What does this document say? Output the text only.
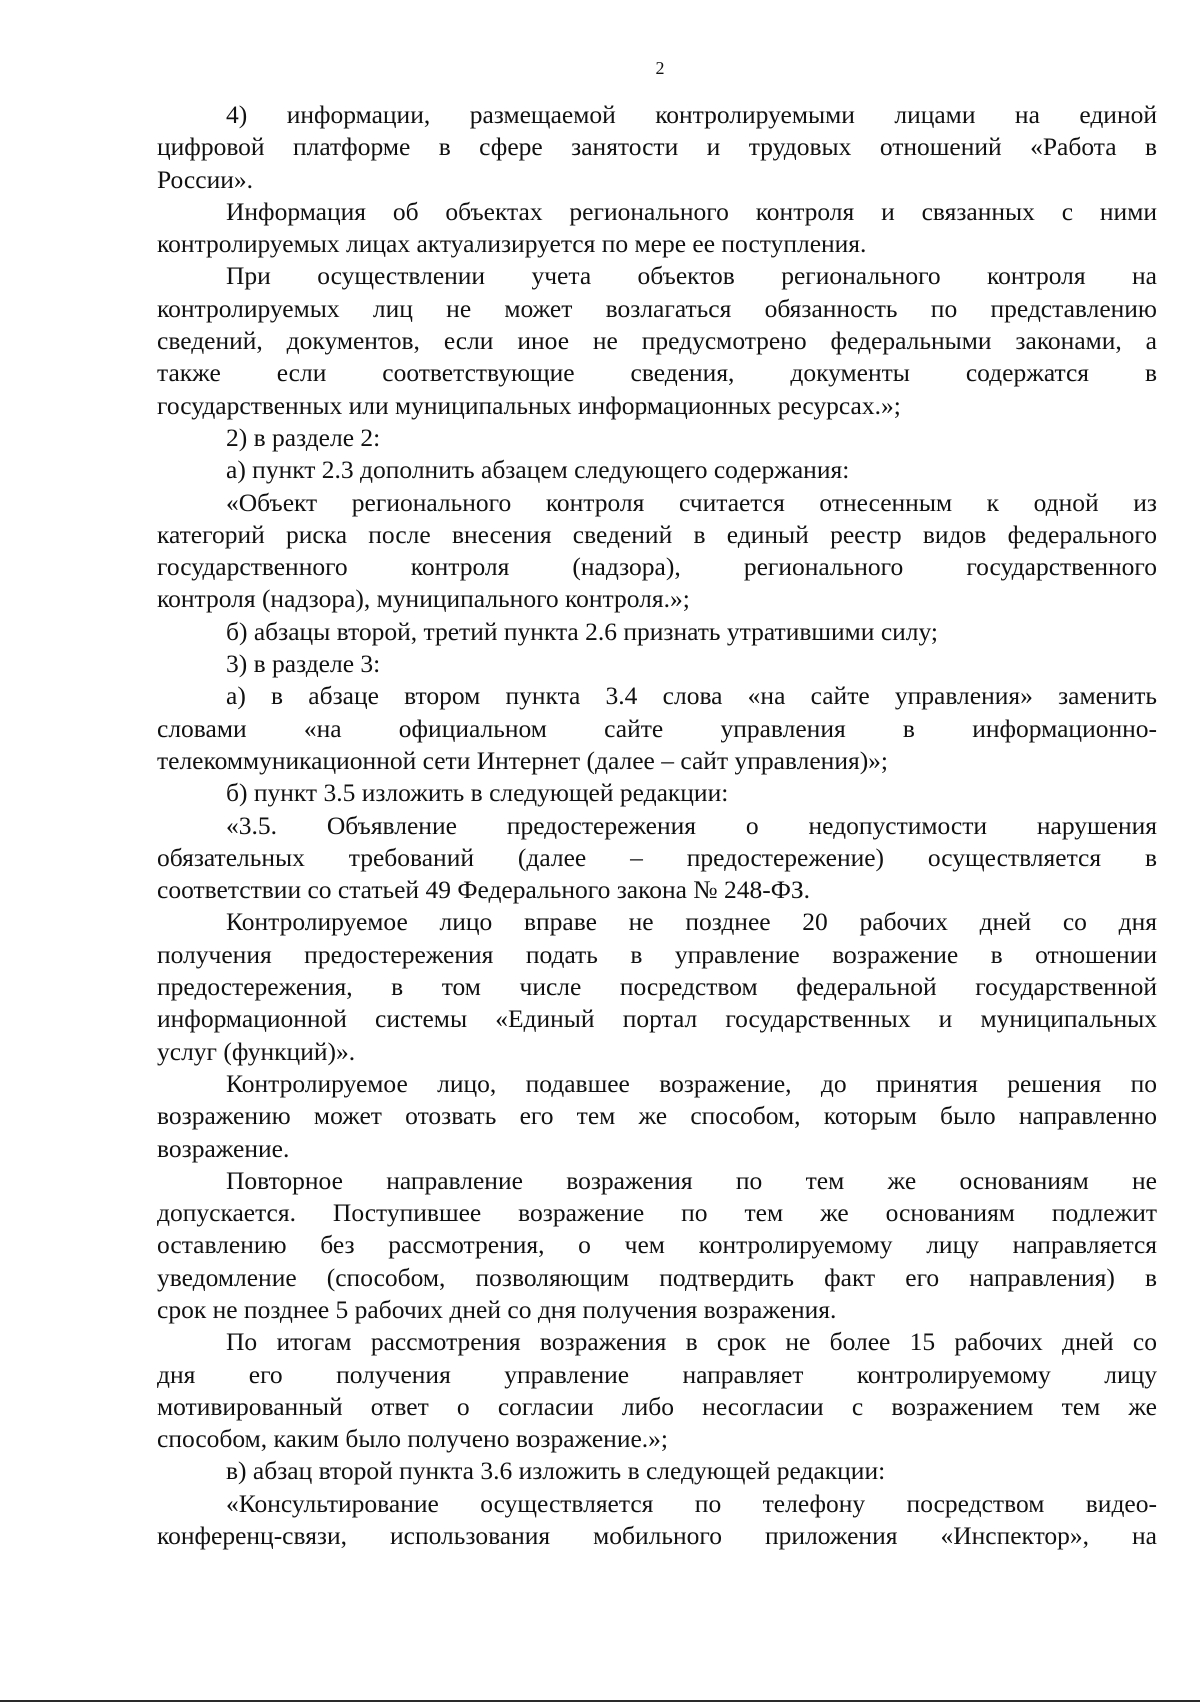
2
4) информации, размещаемой контролируемыми лицами на единой
цифровой платформе в сфере занятости и трудовых отношений «Работа в
России».
Информация об объектах регионального контроля и связанных с ними
контролируемых лицах актуализируется по мере ее поступления.
При осуществлении учета объектов регионального контроля на
контролируемых лиц не может возлагаться обязанность по представлению
сведений, документов, если иное не предусмотрено федеральными законами, а
также если соответствующие сведения, документы содержатся в
государственных или муниципальных информационных ресурсах.»;
2) в разделе 2:
а) пункт 2.3 дополнить абзацем следующего содержания:
«Объект регионального контроля считается отнесенным к одной из
категорий риска после внесения сведений в единый реестр видов федерального
государственного контроля (надзора), регионального государственного
контроля (надзора), муниципального контроля.»;
б) абзацы второй, третий пункта 2.6 признать утратившими силу;
3) в разделе 3:
а) в абзаце втором пункта 3.4 слова «на сайте управления» заменить
словами «на официальном сайте управления в информационно-
телекоммуникационной сети Интернет (далее – сайт управления)»;
б) пункт 3.5 изложить в следующей редакции:
«3.5. Объявление предостережения о недопустимости нарушения
обязательных требований (далее – предостережение) осуществляется в
соответствии со статьей 49 Федерального закона № 248-ФЗ.
Контролируемое лицо вправе не позднее 20 рабочих дней со дня
получения предостережения подать в управление возражение в отношении
предостережения, в том числе посредством федеральной государственной
информационной системы «Единый портал государственных и муниципальных
услуг (функций)».
Контролируемое лицо, подавшее возражение, до принятия решения по
возражению может отозвать его тем же способом, которым было направленно
возражение.
Повторное направление возражения по тем же основаниям не
допускается. Поступившее возражение по тем же основаниям подлежит
оставлению без рассмотрения, о чем контролируемому лицу направляется
уведомление (способом, позволяющим подтвердить факт его направления) в
срок не позднее 5 рабочих дней со дня получения возражения.
По итогам рассмотрения возражения в срок не более 15 рабочих дней со
дня его получения управление направляет контролируемому лицу
мотивированный ответ о согласии либо несогласии с возражением тем же
способом, каким было получено возражение.»;
в) абзац второй пункта 3.6 изложить в следующей редакции:
«Консультирование осуществляется по телефону посредством видео-
конференц-связи, использования мобильного приложения «Инспектор», на
